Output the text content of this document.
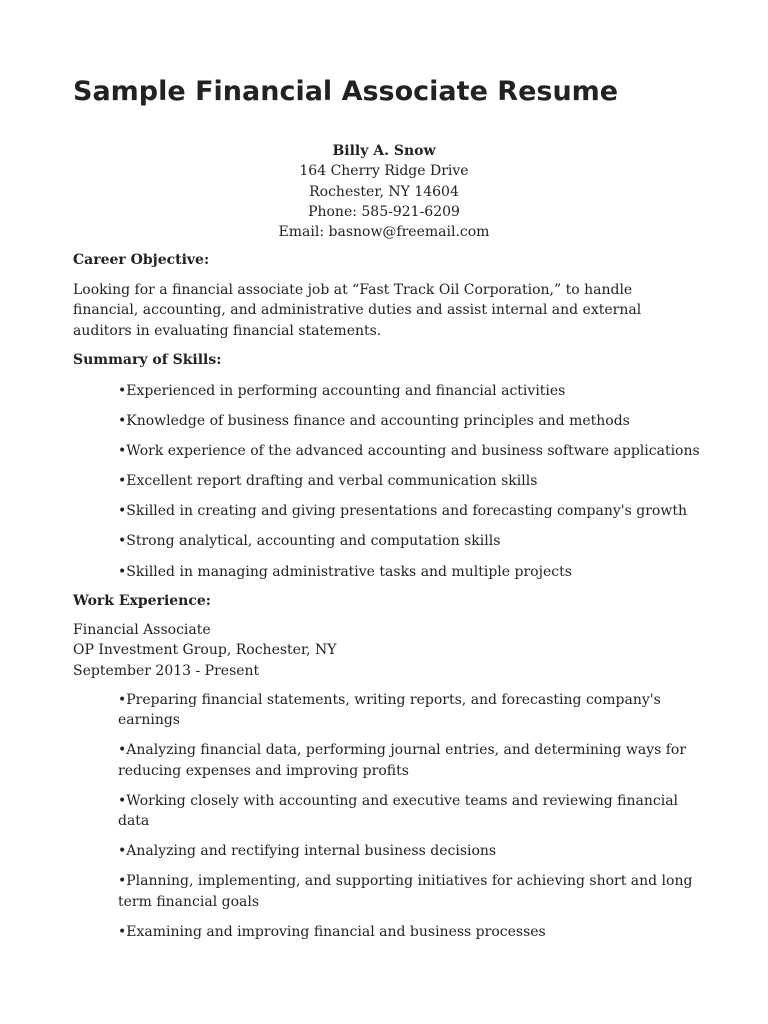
Sample Financial Associate Resume
Billy A. Snow
164 Cherry Ridge Drive
Rochester, NY 14604
Phone: 585-921-6209
Email: basnow@freemail.com
Career Objective:

Looking for a financial associate job at “Fast Track Oil Corporation,” to handle financial, accounting, and administrative duties and assist internal and external auditors in evaluating financial statements.

Summary of Skills:
•Experienced in performing accounting and financial activities
•Knowledge of business finance and accounting principles and methods
•Work experience of the advanced accounting and business software applications
•Excellent report drafting and verbal communication skills
•Skilled in creating and giving presentations and forecasting company's growth
•Strong analytical, accounting and computation skills
•Skilled in managing administrative tasks and multiple projects
Work Experience:
Financial Associate
OP Investment Group, Rochester, NY
September 2013 - Present
•Preparing financial statements, writing reports, and forecasting company's earnings
•Analyzing financial data, performing journal entries, and determining ways for reducing expenses and improving profits
•Working closely with accounting and executive teams and reviewing financial data
•Analyzing and rectifying internal business decisions
•Planning, implementing, and supporting initiatives for achieving short and long term financial goals
•Examining and improving financial and business processes
